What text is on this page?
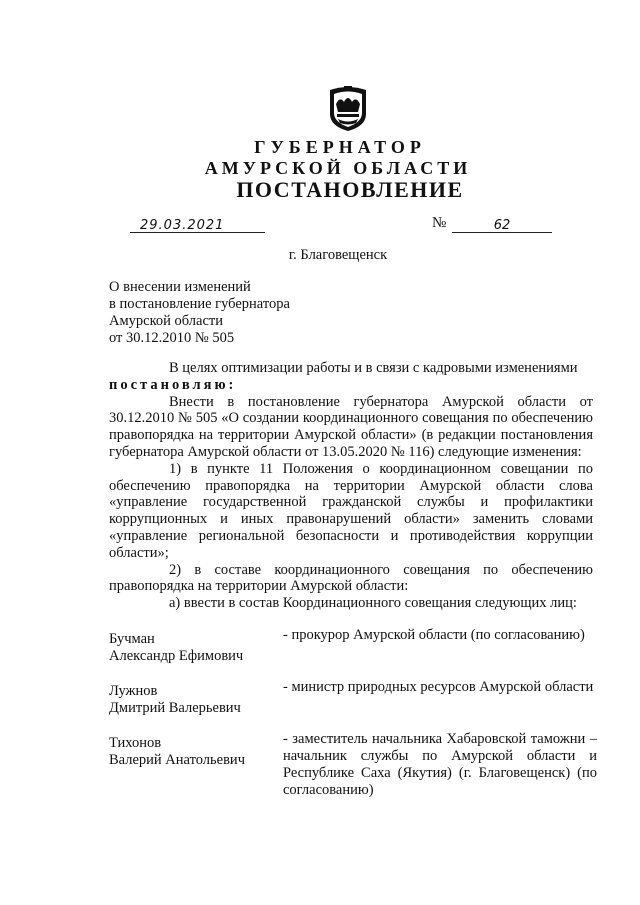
ГУБЕРНАТОР
АМУРСКОЙ ОБЛАСТИ
ПОСТАНОВЛЕНИЕ
29.03.2021	№	62
г. Благовещенск
О внесении изменений
в постановление губернатора
Амурской области
от 30.12.2010 № 505

В целях оптимизации работы и в связи с кадровыми изменениями

постановляю:

Внести в постановление губернатора Амурской области от 30.12.2010 № 505 «О создании координационного совещания по обеспечению правопорядка на территории Амурской области» (в редакции постановления губернатора Амурской области от 13.05.2020 № 116) следующие изменения:

1) в пункте 11 Положения о координационном совещании по обеспечению правопорядка на территории Амурской области слова «управление государственной гражданской службы и профилактики коррупционных и иных правонарушений области» заменить словами «управление региональной безопасности и противодействия коррупции области»;

2) в составе координационного совещания по обеспечению правопорядка на территории Амурской области:

а) ввести в состав Координационного совещания следующих лиц:

Бучман
Александр Ефимович
- прокурор Амурской области (по согласованию)
Лужнов
Дмитрий Валерьевич
- министр природных ресурсов Амурской области
Тихонов
Валерий Анатольевич
- заместитель начальника Хабаровской таможни – начальник службы по Амурской области и Республике Саха (Якутия) (г. Благовещенск) (по согласованию)
